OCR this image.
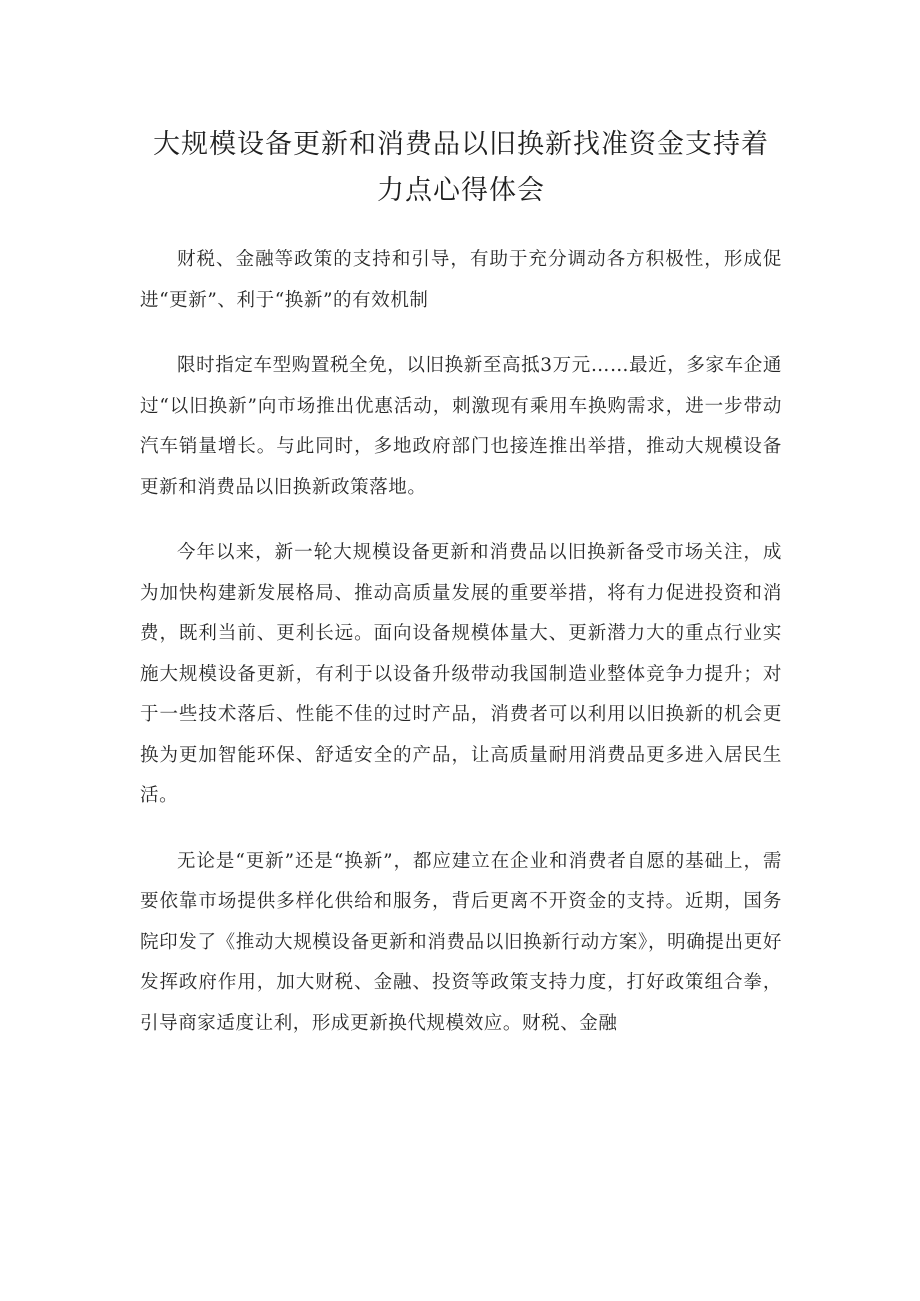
大规模设备更新和消费品以旧换新找准资金支持着力点心得体会

财税、金融等政策的支持和引导，有助于充分调动各方积极性，形成促进“更新”、利于“换新”的有效机制

限时指定车型购置税全免，以旧换新至高抵3万元……最近，多家车企通过“以旧换新”向市场推出优惠活动，刺激现有乘用车换购需求，进一步带动汽车销量增长。与此同时，多地政府部门也接连推出举措，推动大规模设备更新和消费品以旧换新政策落地。

今年以来，新一轮大规模设备更新和消费品以旧换新备受市场关注，成为加快构建新发展格局、推动高质量发展的重要举措，将有力促进投资和消费，既利当前、更利长远。面向设备规模体量大、更新潜力大的重点行业实施大规模设备更新，有利于以设备升级带动我国制造业整体竞争力提升；对于一些技术落后、性能不佳的过时产品，消费者可以利用以旧换新的机会更换为更加智能环保、舒适安全的产品，让高质量耐用消费品更多进入居民生活。

无论是“更新”还是“换新”，都应建立在企业和消费者自愿的基础上，需要依靠市场提供多样化供给和服务，背后更离不开资金的支持。近期，国务院印发了《推动大规模设备更新和消费品以旧换新行动方案》，明确提出更好发挥政府作用，加大财税、金融、投资等政策支持力度，打好政策组合拳，引导商家适度让利，形成更新换代规模效应。财税、金融
